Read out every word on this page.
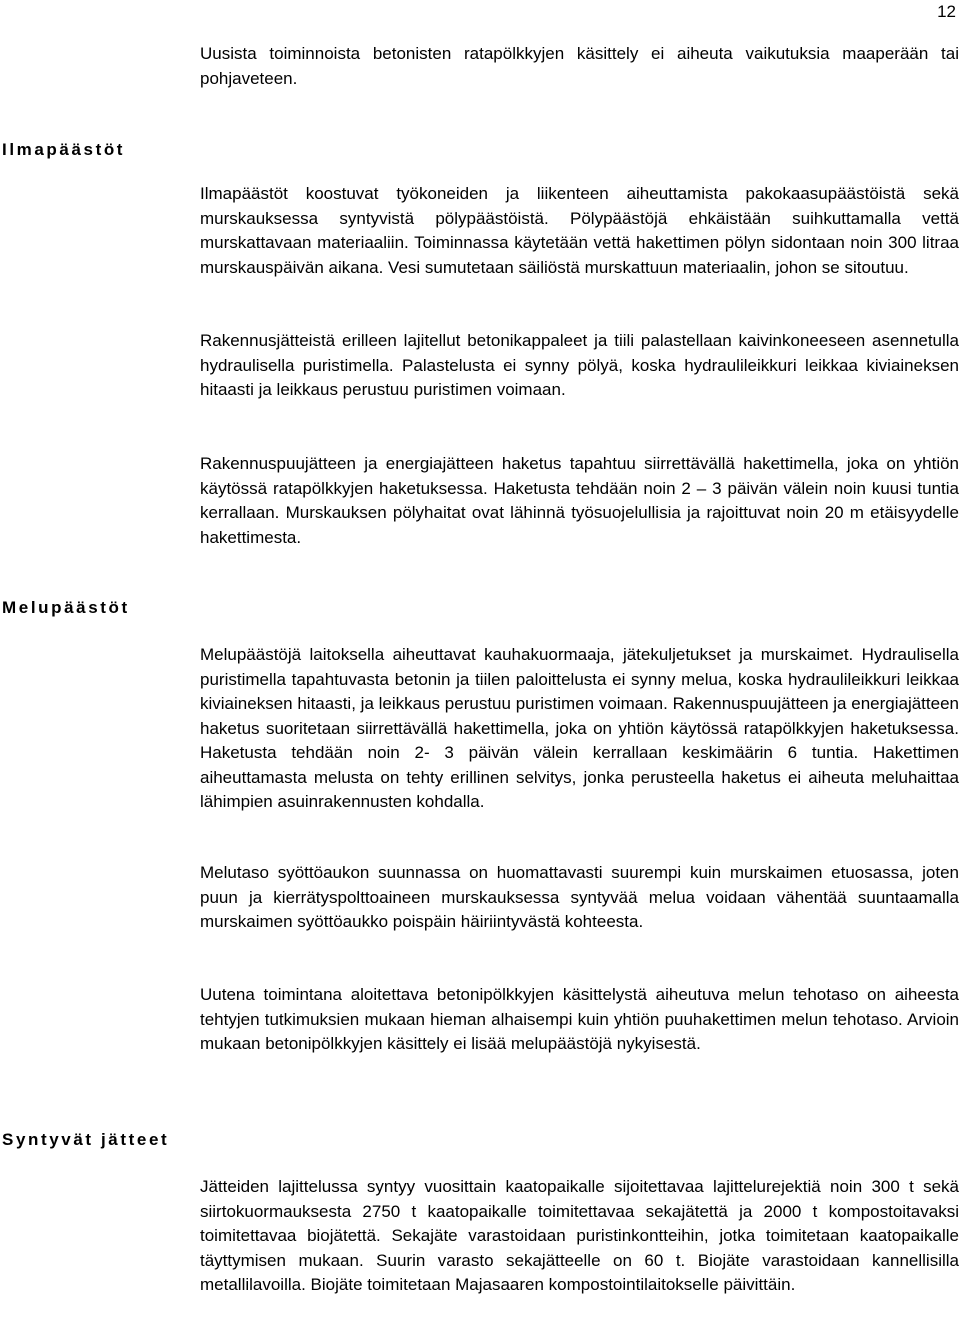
12

Uusista toiminnoista betonisten ratapölkkyjen käsittely ei aiheuta vaikutuksia maaperään tai pohjaveteen.

Ilmapäästöt

Ilmapäästöt koostuvat työkoneiden ja liikenteen aiheuttamista pakokaasupäästöistä sekä murskauksessa syntyvistä pölypäästöistä. Pölypäästöjä ehkäistään suihkuttamalla vettä murskattavaan materiaaliin. Toiminnassa käytetään vettä hakettimen pölyn sidontaan noin 300 litraa murskauspäivän aikana. Vesi sumutetaan säiliöstä murskattuun materiaalin, johon se sitoutuu.

Rakennusjätteistä erilleen lajitellut betonikappaleet ja tiili palastellaan kaivinkoneeseen asennetulla hydraulisella puristimella. Palastelusta ei synny pölyä, koska hydraulileikkuri leikkaa kiviaineksen hitaasti ja leikkaus perustuu puristimen voimaan.

Rakennuspuujätteen ja energiajätteen haketus tapahtuu siirrettävällä hakettimella, joka on yhtiön käytössä ratapölkkyjen haketuksessa. Haketusta tehdään noin 2 – 3 päivän välein noin kuusi tuntia kerrallaan. Murskauksen pölyhaitat ovat lähinnä työsuojelullisia ja rajoittuvat noin 20 m etäisyydelle hakettimesta.

Melupäästöt

Melupäästöjä laitoksella aiheuttavat kauhakuormaaja, jätekuljetukset ja murskaimet. Hydraulisella puristimella tapahtuvasta betonin ja tiilen paloittelusta ei synny melua, koska hydraulileikkuri leikkaa kiviaineksen hitaasti, ja leikkaus perustuu puristimen voimaan. Rakennuspuujätteen ja energiajätteen haketus suoritetaan siirrettävällä hakettimella, joka on yhtiön käytössä ratapölkkyjen haketuksessa. Haketusta tehdään noin 2- 3 päivän välein kerrallaan keskimäärin 6 tuntia. Hakettimen aiheuttamasta melusta on tehty erillinen selvitys, jonka perusteella haketus ei aiheuta meluhaittaa lähimpien asuinrakennusten kohdalla.

Melutaso syöttöaukon suunnassa on huomattavasti suurempi kuin murskaimen etuosassa, joten puun ja kierrätyspolttoaineen murskauksessa syntyvää melua voidaan vähentää suuntaamalla murskaimen syöttöaukko poispäin häiriintyvästä kohteesta.

Uutena toimintana aloitettava betonipölkkyjen käsittelystä aiheutuva melun tehotaso on aiheesta tehtyjen tutkimuksien mukaan hieman alhaisempi kuin yhtiön puuhakettimen melun tehotaso. Arvioin mukaan betonipölkkyjen käsittely ei lisää melupäästöjä nykyisestä.

Syntyvät jätteet

Jätteiden lajittelussa syntyy vuosittain kaatopaikalle sijoitettavaa lajittelurejektiä noin 300 t sekä siirtokuormauksesta 2750 t kaatopaikalle toimitettavaa sekajätettä ja 2000 t kompostoitavaksi toimitettavaa biojätettä. Sekajäte varastoidaan puristinkontteihin, jotka toimitetaan kaatopaikalle täyttymisen mukaan. Suurin varasto sekajätteelle on 60 t. Biojäte varastoidaan kannellisilla metallilavoilla. Biojäte toimitetaan Majasaaren kompostointilaitokselle päivittäin.
